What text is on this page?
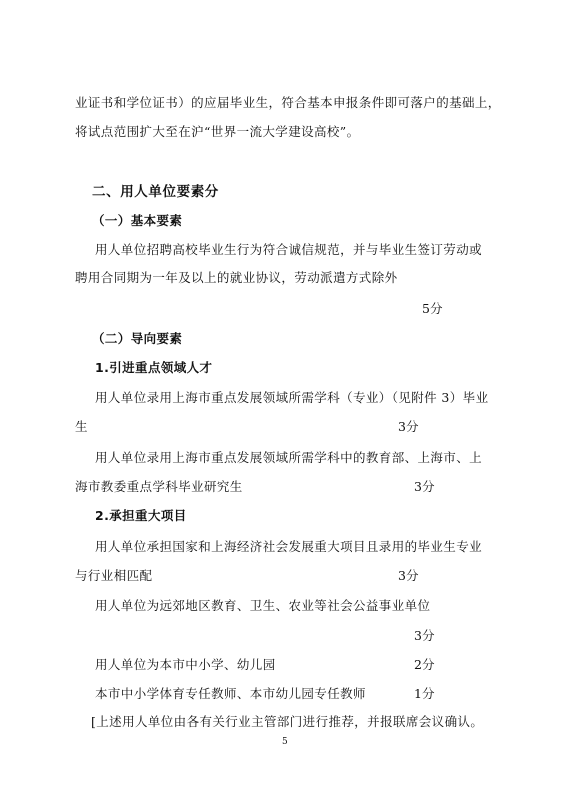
业证书和学位证书）的应届毕业生，符合基本申报条件即可落户的基础上，
将试点范围扩大至在沪“世界一流大学建设高校”。
二、用人单位要素分
（一）基本要素
用人单位招聘高校毕业生行为符合诚信规范，并与毕业生签订劳动或
聘用合同期为一年及以上的就业协议，劳动派遣方式除外
5分
（二）导向要素
1.引进重点领域人才
用人单位录用上海市重点发展领域所需学科（专业）（见附件 3）毕业
生	3分
用人单位录用上海市重点发展领域所需学科中的教育部、上海市、上
海市教委重点学科毕业研究生	3分
2.承担重大项目
用人单位承担国家和上海经济社会发展重大项目且录用的毕业生专业
与行业相匹配	3分
用人单位为远郊地区教育、卫生、农业等社会公益事业单位
3分
用人单位为本市中小学、幼儿园	2分
本市中小学体育专任教师、本市幼儿园专任教师	1分
[上述用人单位由各有关行业主管部门进行推荐，并报联席会议确认。
5
